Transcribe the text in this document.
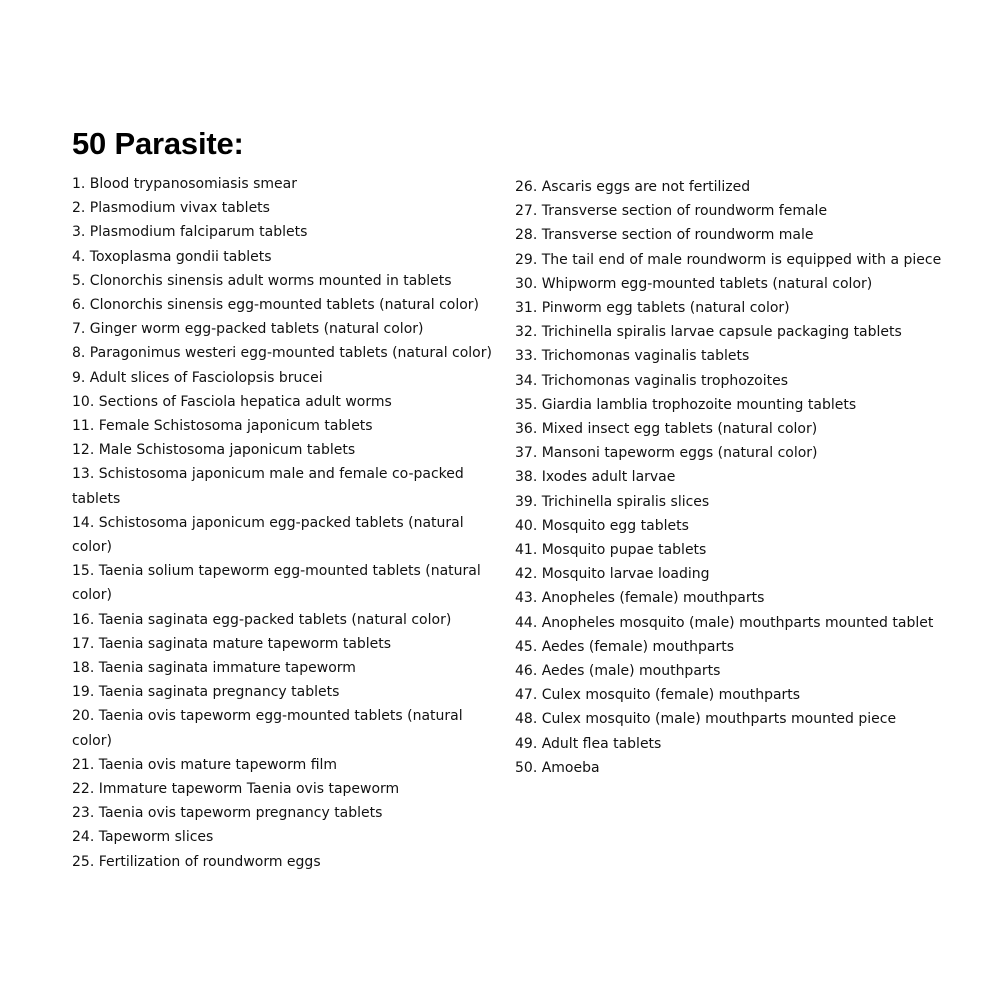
50 Parasite:
1. Blood trypanosomiasis smear
2. Plasmodium vivax tablets
3. Plasmodium falciparum tablets
4. Toxoplasma gondii tablets
5. Clonorchis sinensis adult worms mounted in tablets
6. Clonorchis sinensis egg-mounted tablets (natural color)
7. Ginger worm egg-packed tablets (natural color)
8. Paragonimus westeri egg-mounted tablets (natural color)
9. Adult slices of Fasciolopsis brucei
10. Sections of Fasciola hepatica adult worms
11. Female Schistosoma japonicum tablets
12. Male Schistosoma japonicum tablets
13. Schistosoma japonicum male and female co-packed tablets
14. Schistosoma japonicum egg-packed tablets (natural color)
15. Taenia solium tapeworm egg-mounted tablets (natural color)
16. Taenia saginata egg-packed tablets (natural color)
17. Taenia saginata mature tapeworm tablets
18. Taenia saginata immature tapeworm
19. Taenia saginata pregnancy tablets
20. Taenia ovis tapeworm egg-mounted tablets (natural color)
21. Taenia ovis mature tapeworm film
22. Immature tapeworm Taenia ovis tapeworm
23. Taenia ovis tapeworm pregnancy tablets
24. Tapeworm slices
25. Fertilization of roundworm eggs
26. Ascaris eggs are not fertilized
27. Transverse section of roundworm female
28. Transverse section of roundworm male
29. The tail end of male roundworm is equipped with a piece
30. Whipworm egg-mounted tablets (natural color)
31. Pinworm egg tablets (natural color)
32. Trichinella spiralis larvae capsule packaging tablets
33. Trichomonas vaginalis tablets
34. Trichomonas vaginalis trophozoites
35. Giardia lamblia trophozoite mounting tablets
36. Mixed insect egg tablets (natural color)
37. Mansoni tapeworm eggs (natural color)
38. Ixodes adult larvae
39. Trichinella spiralis slices
40. Mosquito egg tablets
41. Mosquito pupae tablets
42. Mosquito larvae loading
43. Anopheles (female) mouthparts
44. Anopheles mosquito (male) mouthparts mounted tablet
45. Aedes (female) mouthparts
46. Aedes (male) mouthparts
47. Culex mosquito (female) mouthparts
48. Culex mosquito (male) mouthparts mounted piece
49. Adult flea tablets
50. Amoeba
